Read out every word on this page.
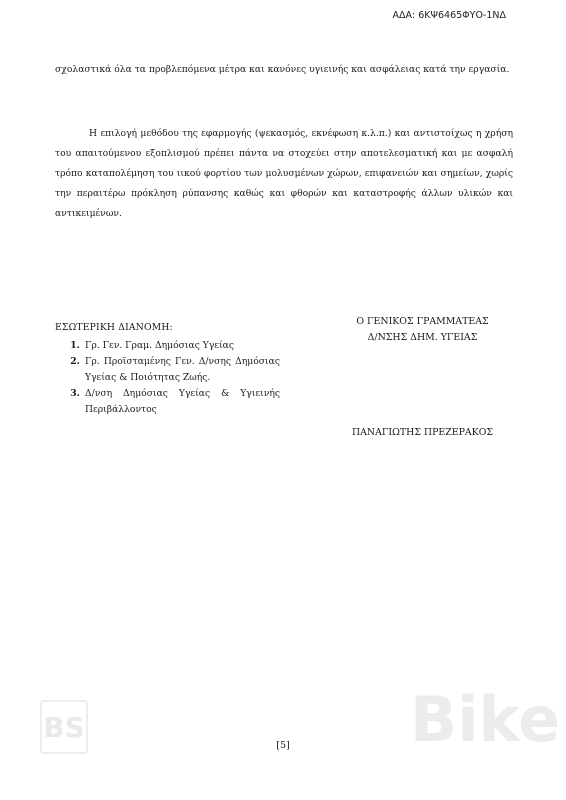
ΑΔΑ: 6ΚΨ6465ΦΥΟ-1ΝΔ

σχολαστικά όλα τα προβλεπόμενα μέτρα και κανόνες υγιεινής και ασφάλειας κατά την εργασία.

Η επιλογή μεθόδου της εφαρμογής (ψεκασμός, εκνέφωση κ.λ.π.) και αντιστοίχως η χρήση του απαιτούμενου εξοπλισμού πρέπει πάντα να στοχεύει στην αποτελεσματική και με ασφαλή τρόπο καταπολέμηση του ιικού φορτίου των μολυσμένων χώρων, επιφανειών και σημείων, χωρίς την περαιτέρω πρόκληση ρύπανσης καθώς και φθορών και καταστροφής άλλων υλικών και αντικειμένων.

ΕΣΩΤΕΡΙΚΗ ΔΙΑΝΟΜΗ:
1. Γρ. Γεν. Γραμ. Δημόσιας Υγείας
2. Γρ. Προϊσταμένης Γεν. Δ/νσης Δημόσιας Υγείας & Ποιότητας Ζωής.
3. Δ/νση Δημόσιας Υγείας & Υγιεινής Περιβάλλοντος
Ο ΓΕΝΙΚΟΣ ΓΡΑΜΜΑΤΕΑΣ
Δ/ΝΣΗΣ ΔΗΜ. ΥΓΕΙΑΣ
ΠΑΝΑΓΙΩΤΗΣ ΠΡΕΖΕΡΑΚΟΣ
[5]
BS	Bike
